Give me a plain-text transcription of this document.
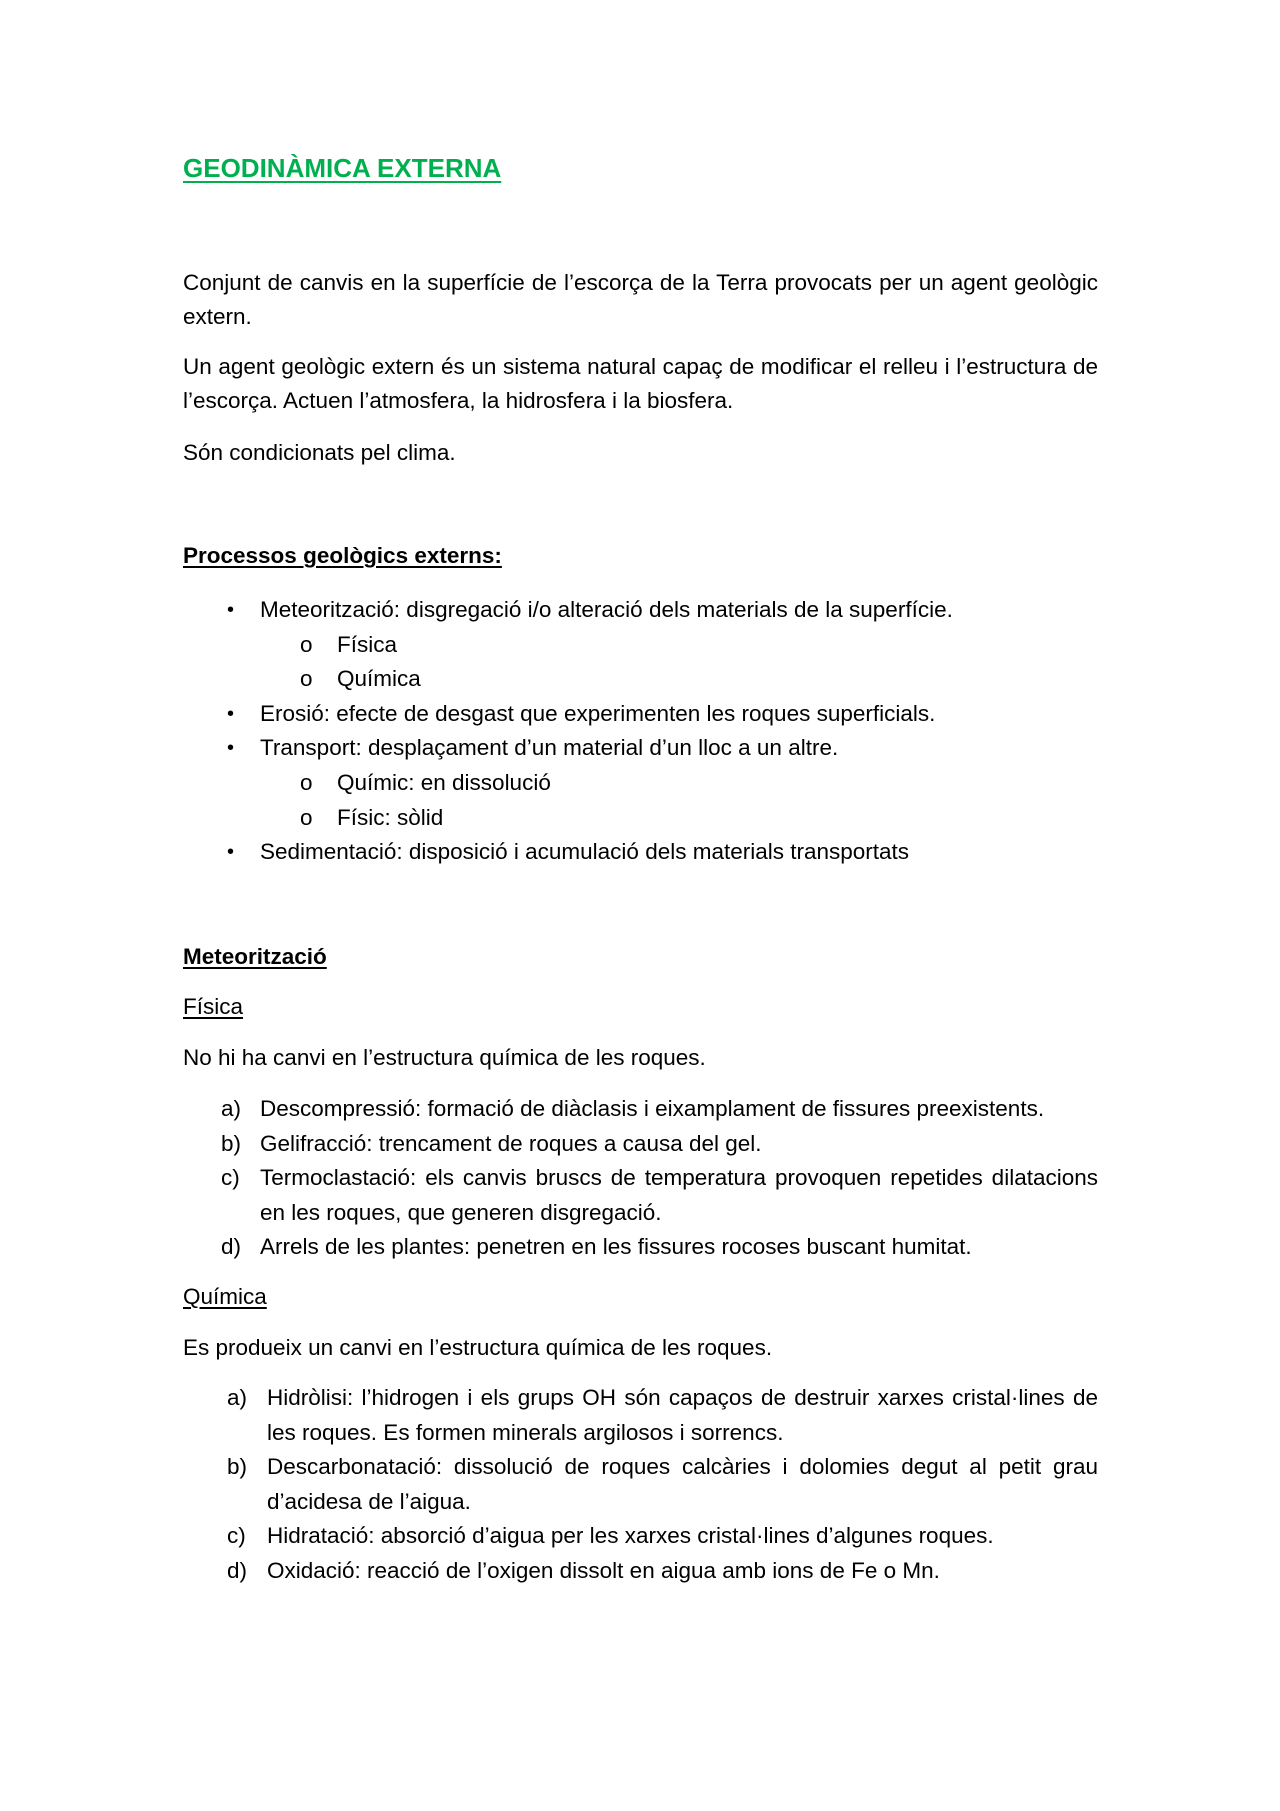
GEODINÀMICA EXTERNA

Conjunt de canvis en la superfície de l’escorça de la Terra provocats per un agent geològic extern.

Un agent geològic extern és un sistema natural capaç de modificar el relleu i l’estructura de l’escorça. Actuen l’atmosfera, la hidrosfera i la biosfera.

Són condicionats pel clima.

Processos geològics externs:

• Meteorització: disgregació i/o alteració dels materials de la superfície.
o Física
o Química
• Erosió: efecte de desgast que experimenten les roques superficials.
• Transport: desplaçament d’un material d’un lloc a un altre.
o Químic: en dissolució
o Físic: sòlid
• Sedimentació: disposició i acumulació dels materials transportats

Meteorització

Física

No hi ha canvi en l’estructura química de les roques.

a) Descompressió: formació de diàclasis i eixamplament de fissures preexistents.
b) Gelifracció: trencament de roques a causa del gel.
c) Termoclastació: els canvis bruscs de temperatura provoquen repetides dilatacions en les roques, que generen disgregació.
d) Arrels de les plantes: penetren en les fissures rocoses buscant humitat.

Química

Es produeix un canvi en l’estructura química de les roques.

a) Hidròlisi: l’hidrogen i els grups OH són capaços de destruir xarxes cristal·lines de les roques. Es formen minerals argilosos i sorrencs.
b) Descarbonatació: dissolució de roques calcàries i dolomies degut al petit grau d’acidesa de l’aigua.
c) Hidratació: absorció d’aigua per les xarxes cristal·lines d’algunes roques.
d) Oxidació: reacció de l’oxigen dissolt en aigua amb ions de Fe o Mn.
